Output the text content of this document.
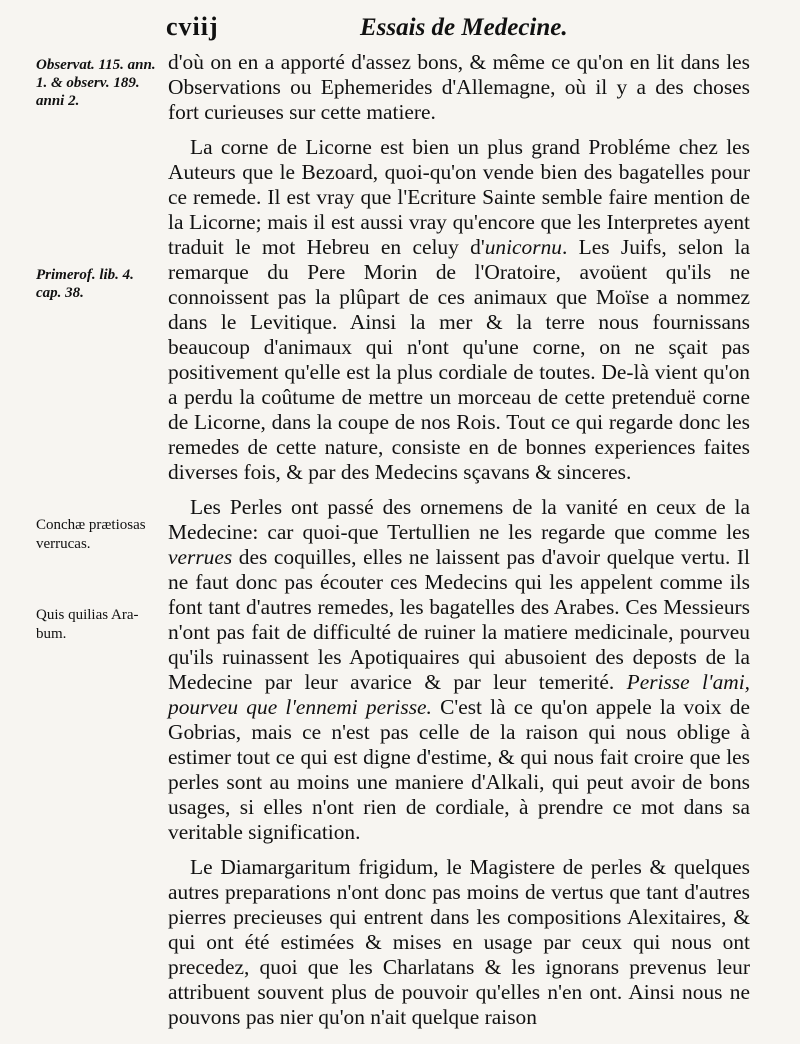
cviij	Essais de Medecine.
Observat. 115. ann.
1. & observ. 189.
anni 2.
Primerof. lib. 4.
cap. 38.
Conchæ prætiosas
verrucas.
Quis quilias Ara-
bum.

d'où on en a apporté d'assez bons, & même ce qu'on en lit dans les Observations ou Ephemerides d'Allemagne, où il y a des choses fort curieuses sur cette matiere.

La corne de Licorne est bien un plus grand Probléme chez les Auteurs que le Bezoard, quoi-qu'on vende bien des bagatelles pour ce remede. Il est vray que l'Ecriture Sainte semble faire mention de la Licorne; mais il est aussi vray qu'encore que les Interpretes ayent traduit le mot Hebreu en celuy d'unicornu. Les Juifs, selon la remarque du Pere Morin de l'Oratoire, avoüent qu'ils ne connoissent pas la plûpart de ces animaux que Moïse a nommez dans le Levitique. Ainsi la mer & la terre nous fournissans beaucoup d'animaux qui n'ont qu'une corne, on ne sçait pas positivement qu'elle est la plus cordiale de toutes. De-là vient qu'on a perdu la coûtume de mettre un morceau de cette pretenduë corne de Licorne, dans la coupe de nos Rois. Tout ce qui regarde donc les remedes de cette nature, consiste en de bonnes experiences faites diverses fois, & par des Medecins sçavans & sinceres.

Les Perles ont passé des ornemens de la vanité en ceux de la Medecine: car quoi-que Tertullien ne les regarde que comme les verrues des coquilles, elles ne laissent pas d'avoir quelque vertu. Il ne faut donc pas écouter ces Medecins qui les appelent comme ils font tant d'autres remedes, les bagatelles des Arabes. Ces Messieurs n'ont pas fait de difficulté de ruiner la matiere medicinale, pourveu qu'ils ruinassent les Apotiquaires qui abusoient des deposts de la Medecine par leur avarice & par leur temerité. Perisse l'ami, pourveu que l'ennemi perisse. C'est là ce qu'on appele la voix de Gobrias, mais ce n'est pas celle de la raison qui nous oblige à estimer tout ce qui est digne d'estime, & qui nous fait croire que les perles sont au moins une maniere d'Alkali, qui peut avoir de bons usages, si elles n'ont rien de cordiale, à prendre ce mot dans sa veritable signification.

Le Diamargaritum frigidum, le Magistere de perles & quelques autres preparations n'ont donc pas moins de vertus que tant d'autres pierres precieuses qui entrent dans les compositions Alexitaires, & qui ont été estimées & mises en usage par ceux qui nous ont precedez, quoi que les Charlatans & les ignorans prevenus leur attribuent souvent plus de pouvoir qu'elles n'en ont. Ainsi nous ne pouvons pas nier qu'on n'ait quelque raison
